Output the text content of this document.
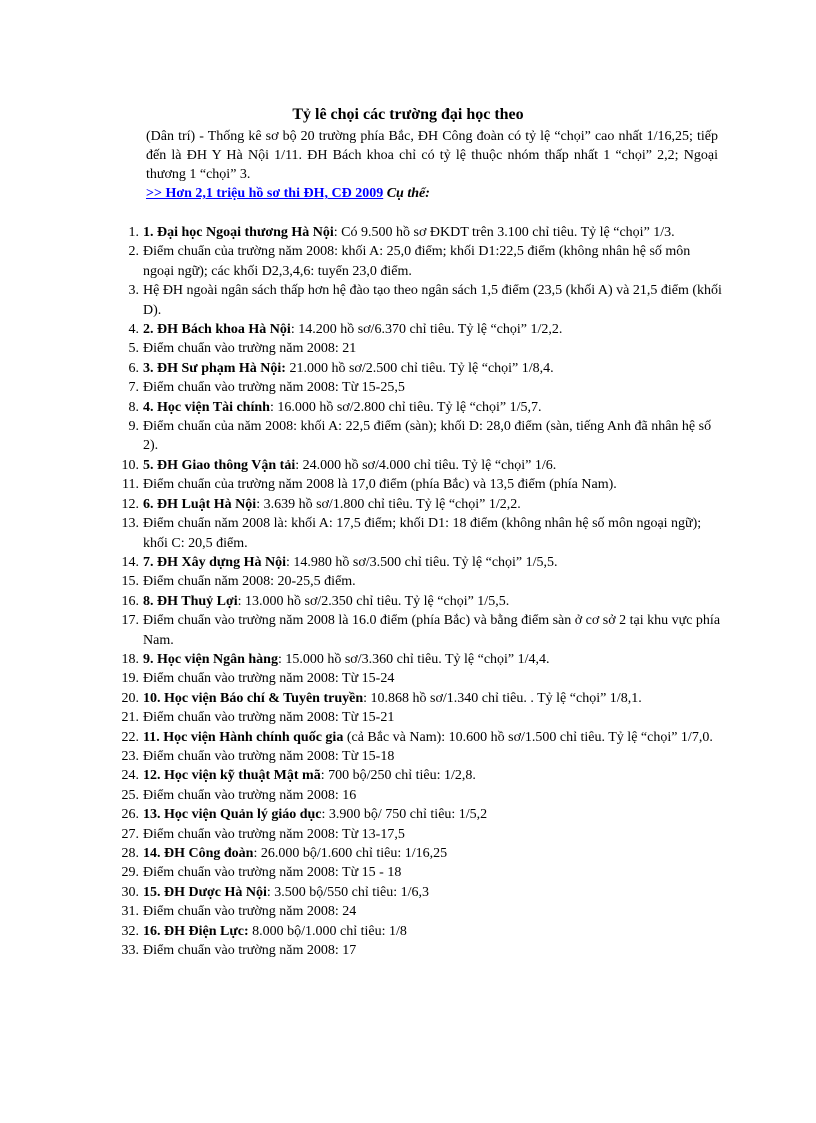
Tỷ lê chọi các trường đại học theo

(Dân trí) - Thống kê sơ bộ 20 trường phía Bắc, ĐH Công đoàn có tỷ lệ “chọi” cao nhất 1/16,25; tiếp đến là ĐH Y Hà Nội 1/11. ĐH Bách khoa chỉ có tỷ lệ thuộc nhóm thấp nhất 1 “chọi” 2,2; Ngoại thương 1 “chọi” 3.

>> Hơn 2,1 triệu hồ sơ thi ĐH, CĐ 2009 Cụ thể:

1. 1. Đại học Ngoại thương Hà Nội: Có 9.500 hồ sơ ĐKDT trên 3.100 chỉ tiêu. Tỷ lệ “chọi” 1/3.
2. Điểm chuẩn của trường năm 2008: khối A: 25,0 điểm; khối D1:22,5 điểm (không nhân hệ số môn ngoại ngữ); các khối D2,3,4,6: tuyển 23,0 điểm.
3. Hệ ĐH ngoài ngân sách thấp hơn hệ đào tạo theo ngân sách 1,5 điểm (23,5 (khối A) và 21,5 điểm (khối D).
4. 2. ĐH Bách khoa Hà Nội: 14.200 hồ sơ/6.370 chỉ tiêu. Tỷ lệ “chọi” 1/2,2.
5. Điểm chuẩn vào trường năm 2008: 21
6. 3. ĐH Sư phạm Hà Nội: 21.000 hồ sơ/2.500 chỉ tiêu. Tỷ lệ “chọi” 1/8,4.
7. Điểm chuẩn vào trường năm 2008: Từ 15-25,5
8. 4. Học viện Tài chính: 16.000 hồ sơ/2.800 chỉ tiêu. Tỷ lệ “chọi” 1/5,7.
9. Điểm chuẩn của năm 2008: khối A: 22,5 điểm (sàn); khối D: 28,0 điểm (sàn, tiếng Anh đã nhân hệ số 2).
10. 5. ĐH Giao thông Vận tải: 24.000 hồ sơ/4.000 chỉ tiêu. Tỷ lệ “chọi” 1/6.
11. Điểm chuẩn của trường năm 2008 là 17,0 điểm (phía Bắc) và 13,5 điểm (phía Nam).
12. 6. ĐH Luật Hà Nội: 3.639 hồ sơ/1.800 chỉ tiêu. Tỷ lệ “chọi” 1/2,2.
13. Điểm chuẩn năm 2008 là: khối A: 17,5 điểm; khối D1: 18 điểm (không nhân hệ số môn ngoại ngữ); khối C: 20,5 điểm.
14. 7. ĐH Xây dựng Hà Nội: 14.980 hồ sơ/3.500 chỉ tiêu. Tỷ lệ “chọi” 1/5,5.
15. Điểm chuẩn năm 2008: 20-25,5 điểm.
16. 8. ĐH Thuỷ Lợi: 13.000 hồ sơ/2.350 chỉ tiêu. Tỷ lệ “chọi” 1/5,5.
17. Điểm chuẩn vào trường năm 2008 là 16.0 điểm (phía Bắc) và bằng điểm sàn ở cơ sở 2 tại khu vực phía Nam.
18. 9. Học viện Ngân hàng: 15.000 hồ sơ/3.360 chỉ tiêu. Tỷ lệ “chọi” 1/4,4.
19. Điểm chuẩn vào trường năm 2008: Từ 15-24
20. 10. Học viện Báo chí & Tuyên truyền: 10.868 hồ sơ/1.340 chỉ tiêu. . Tỷ lệ “chọi” 1/8,1.
21. Điểm chuẩn vào trường năm 2008: Từ 15-21
22. 11. Học viện Hành chính quốc gia (cả Bắc và Nam): 10.600 hồ sơ/1.500 chỉ tiêu. Tỷ lệ “chọi” 1/7,0.
23. Điểm chuẩn vào trường năm 2008: Từ 15-18
24. 12. Học viện kỹ thuật Mật mã: 700 bộ/250 chỉ tiêu: 1/2,8.
25. Điểm chuẩn vào trường năm 2008: 16
26. 13. Học viện Quản lý giáo dục: 3.900 bộ/ 750 chỉ tiêu: 1/5,2
27. Điểm chuẩn vào trường năm 2008: Từ 13-17,5
28. 14. ĐH Công đoàn: 26.000 bộ/1.600 chỉ tiêu: 1/16,25
29. Điểm chuẩn vào trường năm 2008: Từ 15 - 18
30. 15. ĐH Dược Hà Nội: 3.500 bộ/550 chỉ tiêu: 1/6,3
31. Điểm chuẩn vào trường năm 2008: 24
32. 16. ĐH Điện Lực: 8.000 bộ/1.000 chỉ tiêu: 1/8
33. Điểm chuẩn vào trường năm 2008: 17
